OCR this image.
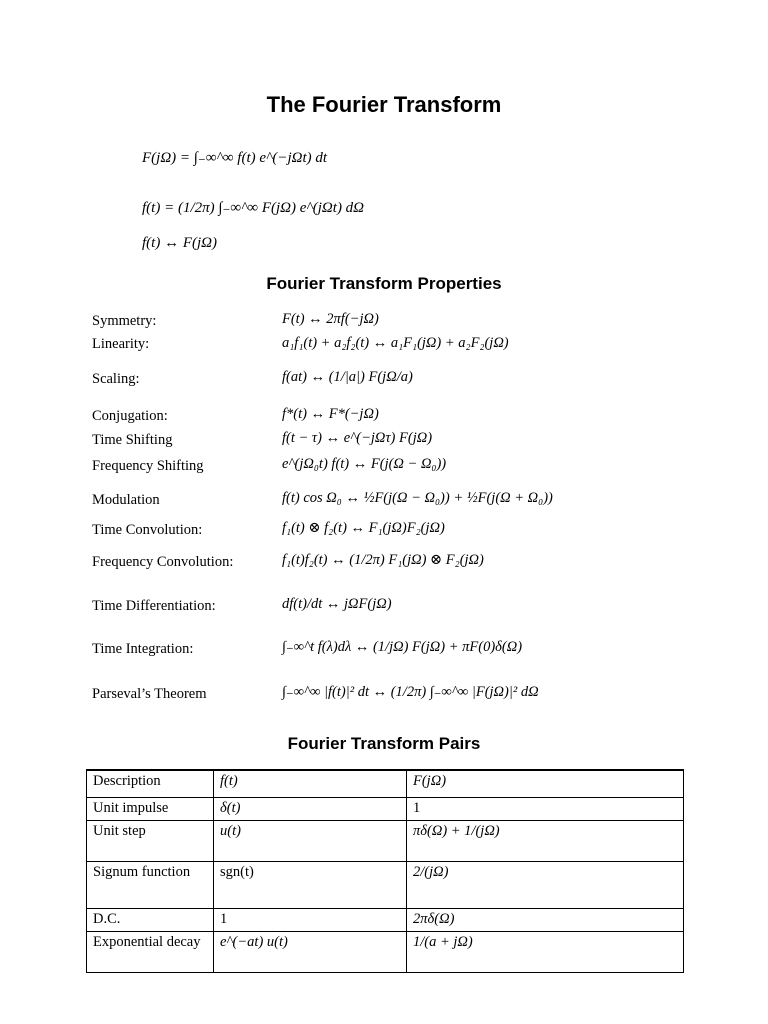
The Fourier Transform
F(jΩ) = ∫₋∞^∞ f(t) e^(−jΩt) dt
f(t) = (1/2π) ∫₋∞^∞ F(jΩ) e^(jΩt) dΩ
f(t) ↔ F(jΩ)
Fourier Transform Properties
Symmetry:	F(t) ↔ 2πf(−jΩ)
Linearity:	a₁f₁(t) + a₂f₂(t) ↔ a₁F₁(jΩ) + a₂F₂(jΩ)
Scaling:	f(at) ↔ (1/|a|) F(jΩ/a)
Conjugation:	f*(t) ↔ F*(−jΩ)
Time Shifting	f(t − τ) ↔ e^(−jΩτ) F(jΩ)
Frequency Shifting	e^(jΩ₀t) f(t) ↔ F(j(Ω − Ω₀))
Modulation	f(t) cos Ω₀ ↔ ½F(j(Ω − Ω₀)) + ½F(j(Ω + Ω₀))
Time Convolution:	f₁(t) ⊗ f₂(t) ↔ F₁(jΩ)F₂(jΩ)
Frequency Convolution:	f₁(t)f₂(t) ↔ (1/2π) F₁(jΩ) ⊗ F₂(jΩ)
Time Differentiation:	df(t)/dt ↔ jΩF(jΩ)
Time Integration:	∫₋∞^t f(λ)dλ ↔ (1/jΩ) F(jΩ) + πF(0)δ(Ω)
Parseval’s Theorem	∫₋∞^∞ |f(t)|² dt ↔ (1/2π) ∫₋∞^∞ |F(jΩ)|² dΩ
Fourier Transform Pairs
Description	f(t)	F(jΩ)
Unit impulse	δ(t)	1
Unit step	u(t)	πδ(Ω) + 1/(jΩ)
Signum function	sgn(t)	2/(jΩ)
D.C.	1	2πδ(Ω)
Exponential decay	e^(−at) u(t)	1/(a + jΩ)
